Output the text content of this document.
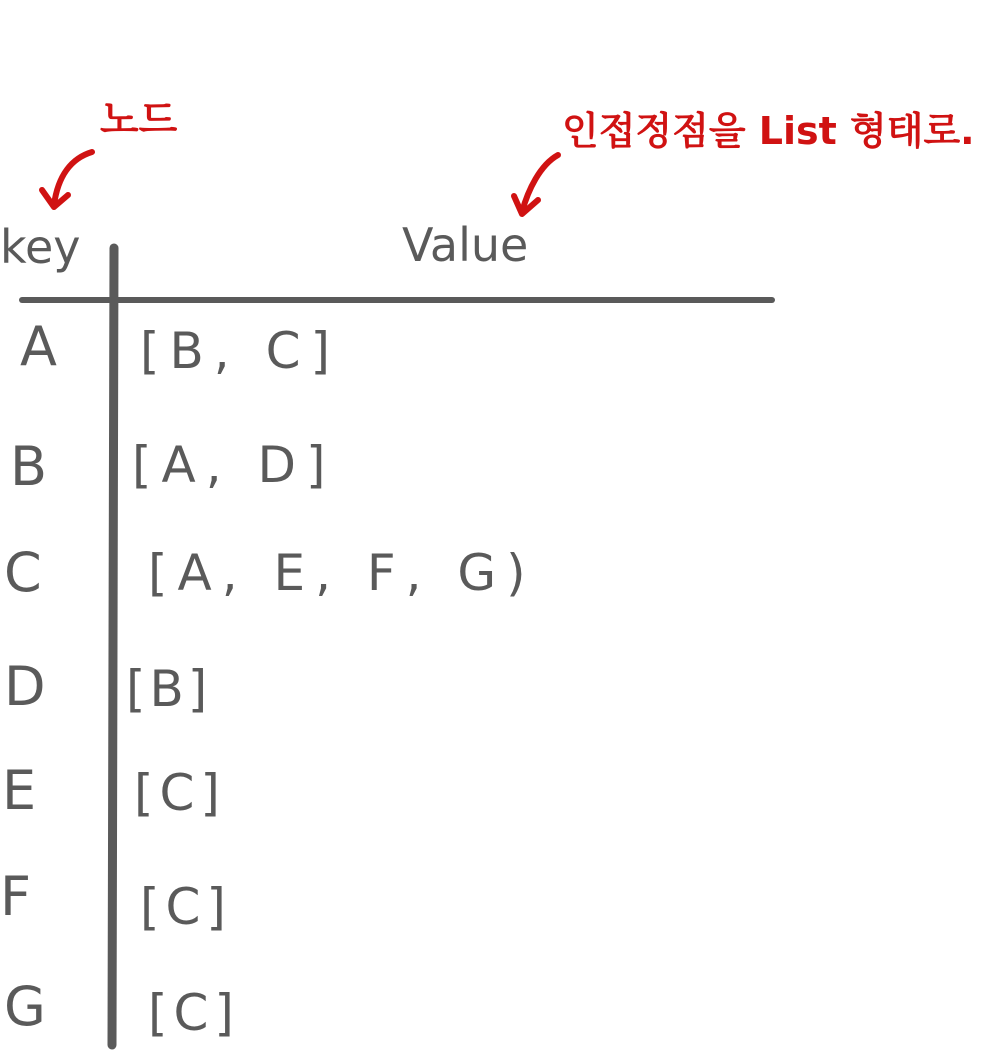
노드	인접정점을 List 형태로.
key	Value
A [B, C]
B [A, D]
C [A, E, F, G)
D [B]
E [C]
F [C]
G [C]
